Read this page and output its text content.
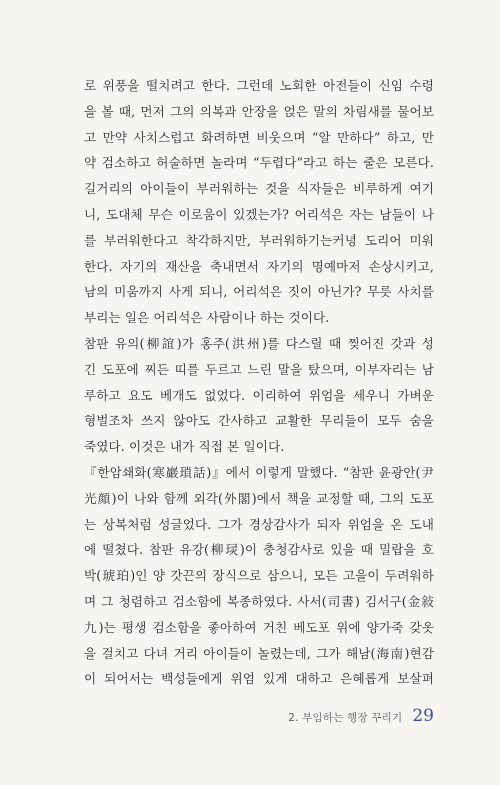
로 위풍을 떨치려고 한다. 그런데 노회한 아전들이 신임 수령
을 볼 때, 먼저 그의 의복과 안장을 얹은 말의 차림새를 물어보
고 만약 사치스럽고 화려하면 비웃으며 “알 만하다” 하고, 만
약 검소하고 허술하면 놀라며 “두렵다”라고 하는 줄은 모른다.
길거리의 아이들이 부러워하는 것을 식자들은 비루하게 여기
니, 도대체 무슨 이로움이 있겠는가? 어리석은 자는 남들이 나
를 부러워한다고 착각하지만, 부러워하기는커녕 도리어 미워
한다. 자기의 재산을 축내면서 자기의 명예마저 손상시키고,
남의 미움까지 사게 되니, 어리석은 짓이 아닌가? 무릇 사치를
부리는 일은 어리석은 사람이나 하는 것이다.
참판 유의(柳誼)가 홍주(洪州)를 다스릴 때 찢어진 갓과 성
긴 도포에 찌든 띠를 두르고 느린 말을 탔으며, 이부자리는 남
루하고 요도 베개도 없었다. 이리하여 위엄을 세우니 가벼운
형벌조차 쓰지 않아도 간사하고 교활한 무리들이 모두 숨을
죽였다. 이것은 내가 직접 본 일이다.
『한암쇄화(寒巖瑣話)』에서 이렇게 말했다. “참판 윤광안(尹
光顔)이 나와 함께 외각(外閣)에서 책을 교정할 때, 그의 도포
는 상복처럼 성글었다. 그가 경상감사가 되자 위엄을 온 도내
에 떨쳤다. 참판 유강(柳㻏)이 충청감사로 있을 때 밀랍을 호
박(琥珀)인 양 갓끈의 장식으로 삼으니, 모든 고을이 두려워하
며 그 청렴하고 검소함에 복종하였다. 사서(司書) 김서구(金敍
九)는 평생 검소함을 좋아하여 거친 베도포 위에 양가죽 갖옷
을 걸치고 다녀 거리 아이들이 놀렸는데, 그가 해남(海南)현감
이 되어서는 백성들에게 위엄 있게 대하고 은혜롭게 보살펴
2. 부임하는 행장 꾸리기 29
